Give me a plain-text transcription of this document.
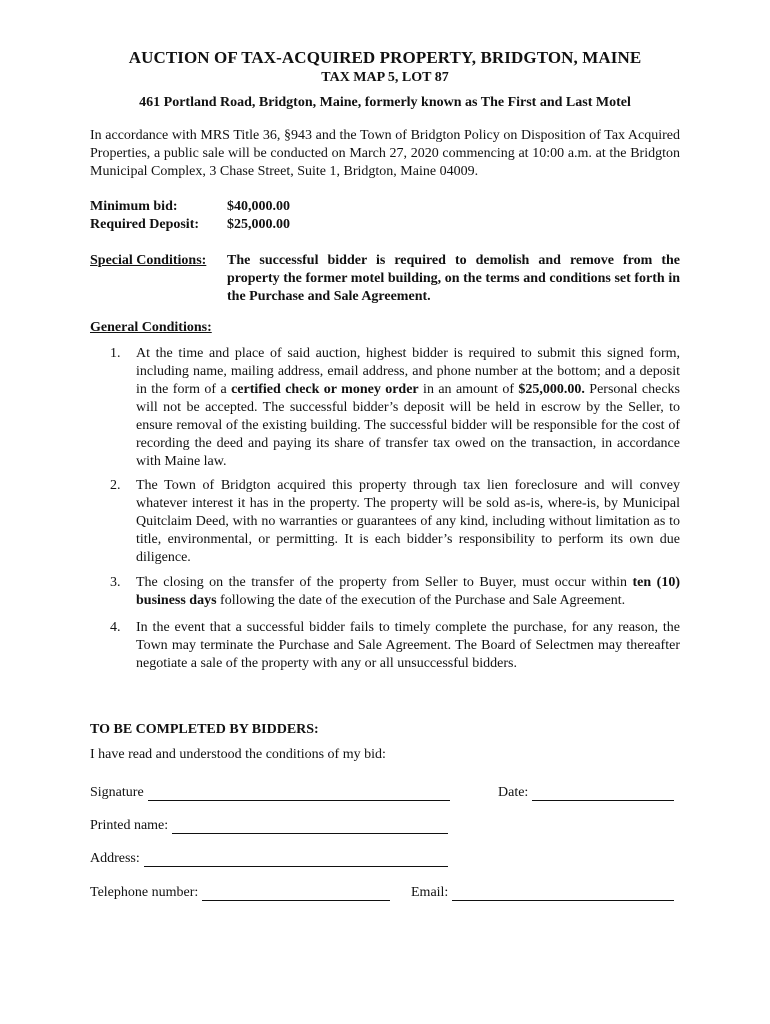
AUCTION OF TAX-ACQUIRED PROPERTY, BRIDGTON, MAINE
TAX MAP 5, LOT 87
461 Portland Road, Bridgton, Maine, formerly known as The First and Last Motel
In accordance with MRS Title 36, §943 and the Town of Bridgton Policy on Disposition of Tax Acquired Properties, a public sale will be conducted on March 27, 2020 commencing at 10:00 a.m. at the Bridgton Municipal Complex, 3 Chase Street, Suite 1, Bridgton, Maine 04009.
Minimum bid:	$40,000.00
Required Deposit: $25,000.00
Special Conditions:	The successful bidder is required to demolish and remove from the property the former motel building, on the terms and conditions set forth in the Purchase and Sale Agreement.
General Conditions:
1.	At the time and place of said auction, highest bidder is required to submit this signed form, including name, mailing address, email address, and phone number at the bottom; and a deposit in the form of a certified check or money order in an amount of $25,000.00. Personal checks will not be accepted. The successful bidder’s deposit will be held in escrow by the Seller, to ensure removal of the existing building. The successful bidder will be responsible for the cost of recording the deed and paying its share of transfer tax owed on the transaction, in accordance with Maine law.
2.	The Town of Bridgton acquired this property through tax lien foreclosure and will convey whatever interest it has in the property. The property will be sold as-is, where-is, by Municipal Quitclaim Deed, with no warranties or guarantees of any kind, including without limitation as to title, environmental, or permitting. It is each bidder’s responsibility to perform its own due diligence.
3.	The closing on the transfer of the property from Seller to Buyer, must occur within ten (10) business days following the date of the execution of the Purchase and Sale Agreement.
4.	In the event that a successful bidder fails to timely complete the purchase, for any reason, the Town may terminate the Purchase and Sale Agreement. The Board of Selectmen may thereafter negotiate a sale of the property with any or all unsuccessful bidders.
TO BE COMPLETED BY BIDDERS:
I have read and understood the conditions of my bid:
Signature	Date:
Printed name:
Address:
Telephone number:	Email:
